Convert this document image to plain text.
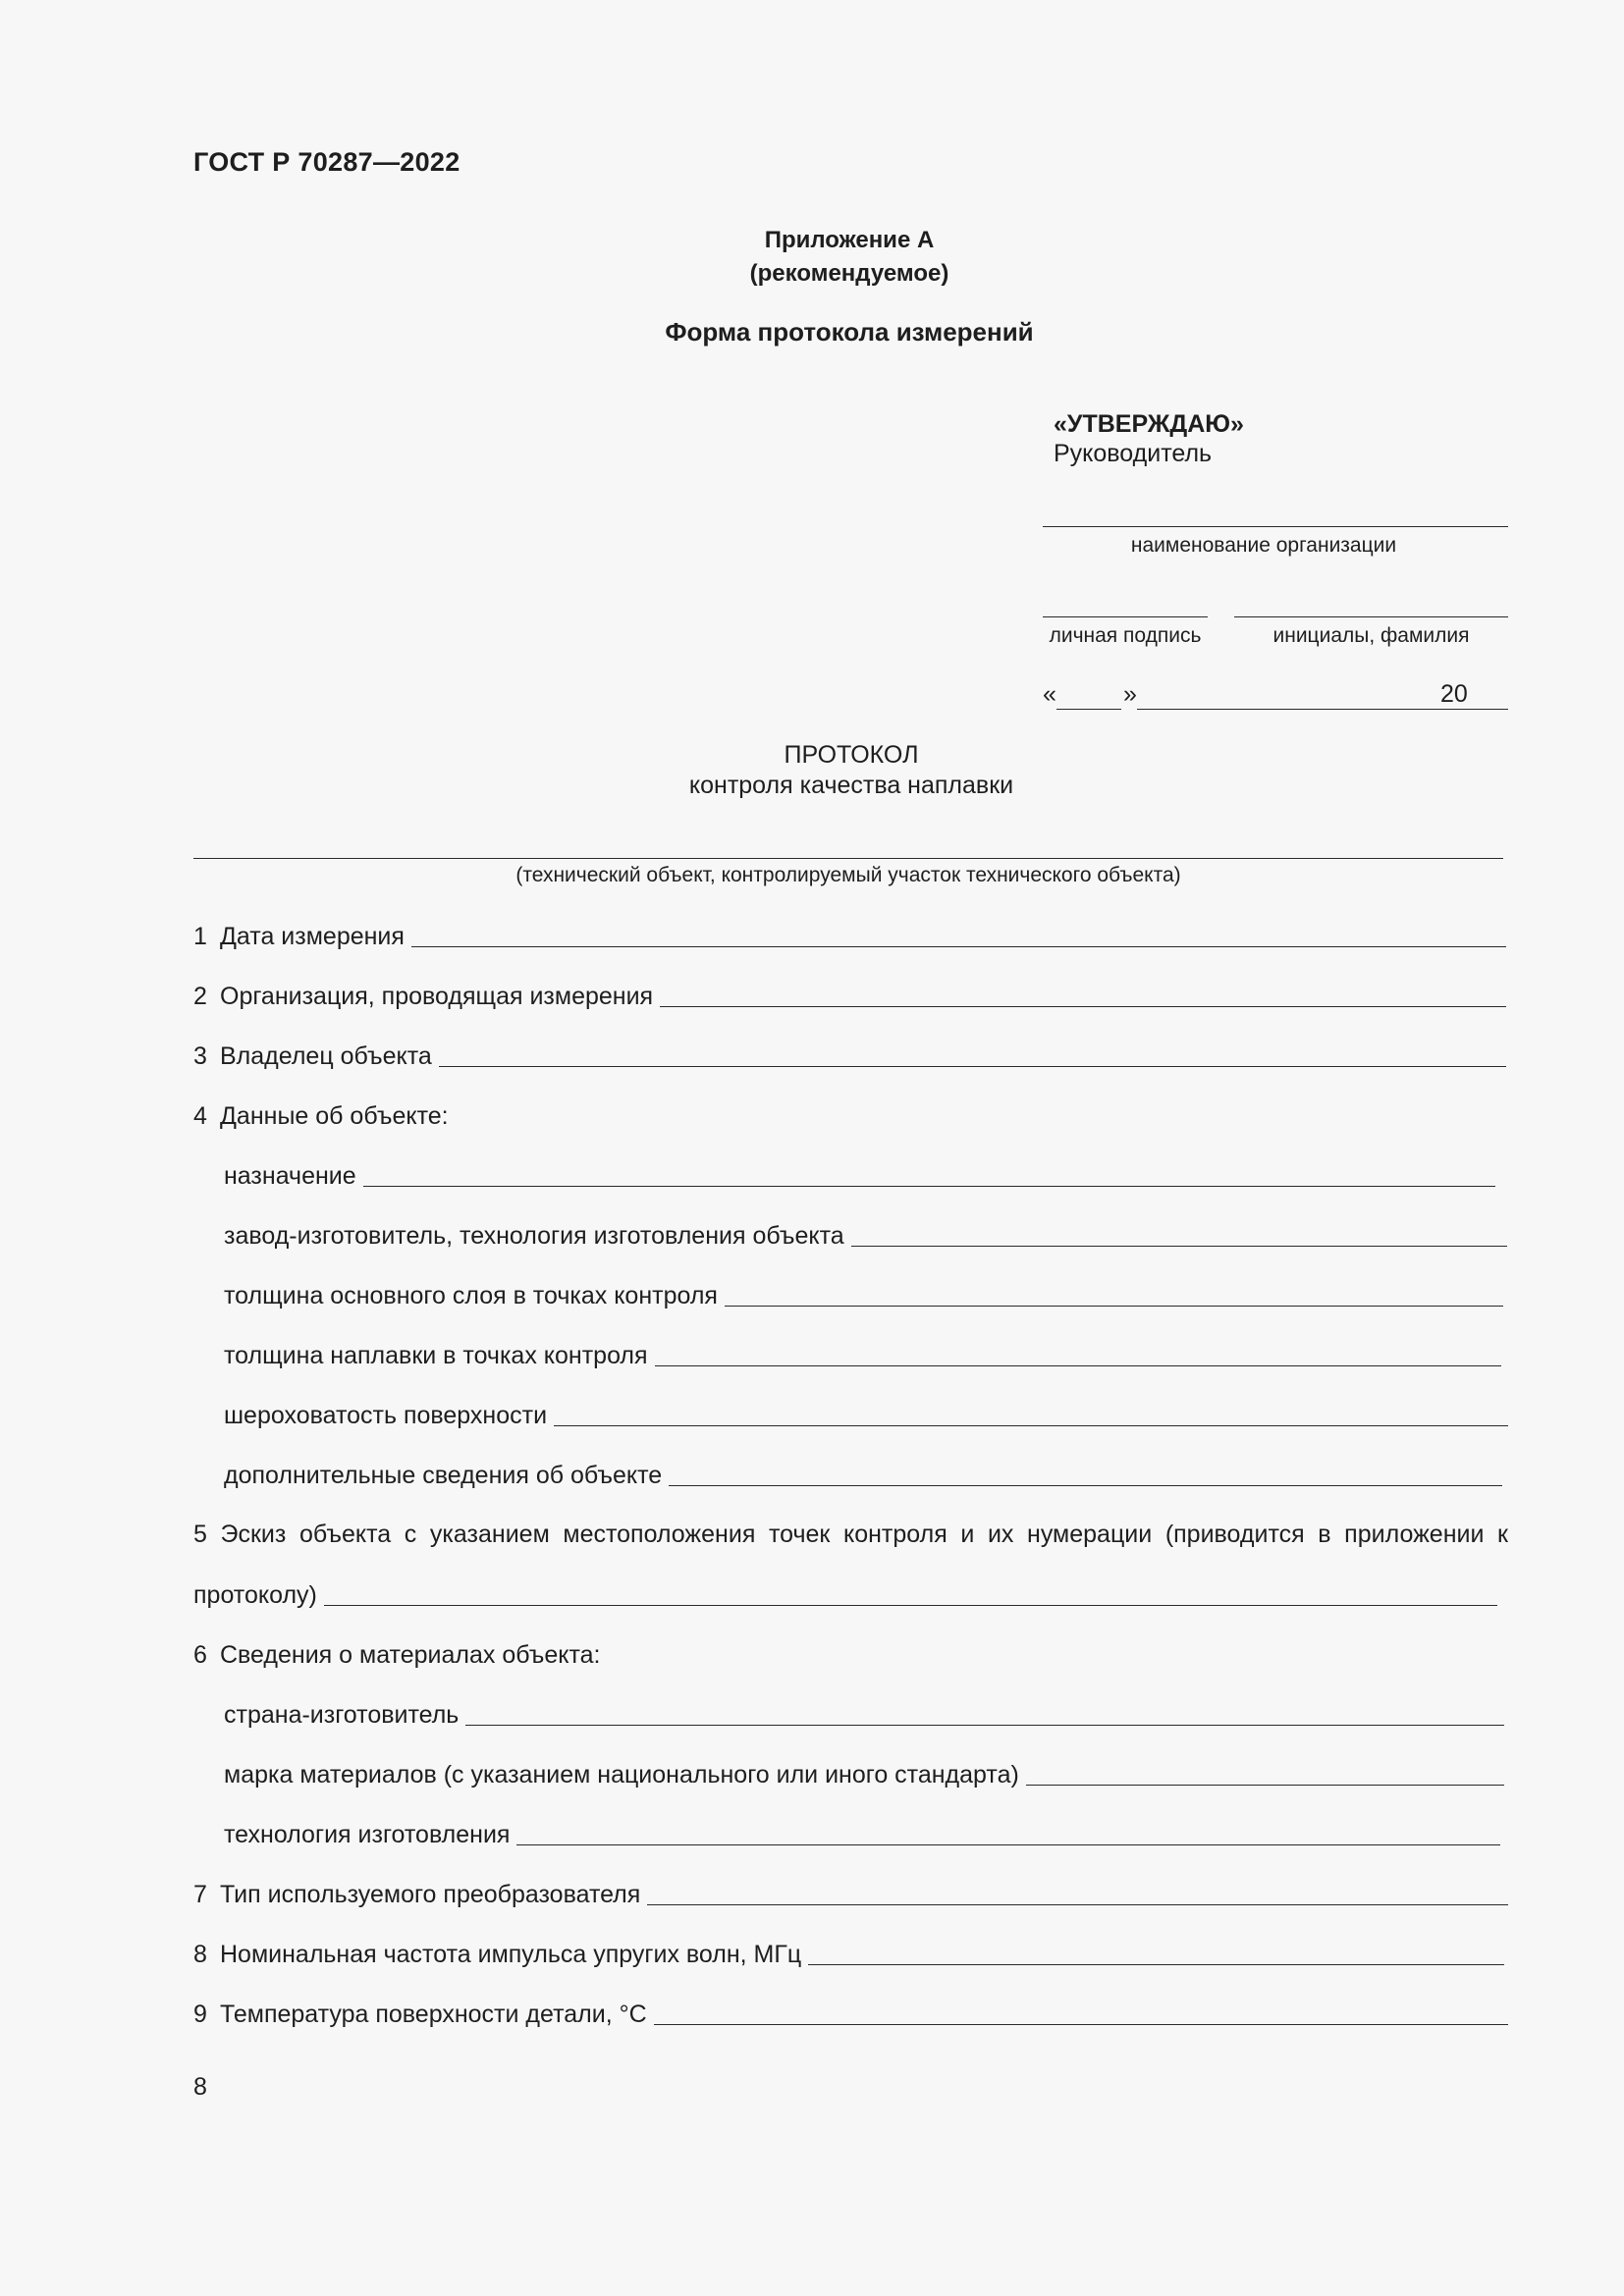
ГОСТ Р 70287—2022
Приложение А
(рекомендуемое)
Форма протокола измерений
«УТВЕРЖДАЮ»
Руководитель
наименование организации
личная подпись	инициалы, фамилия
«	»	20
ПРОТОКОЛ
контроля качества наплавки
(технический объект, контролируемый участок технического объекта)
1 Дата измерения
2 Организация, проводящая измерения
3 Владелец объекта
4 Данные об объекте:
назначение
завод-изготовитель, технология изготовления объекта
толщина основного слоя в точках контроля
толщина наплавки в точках контроля
шероховатость поверхности
дополнительные сведения об объекте
5 Эскиз объекта с указанием местоположения точек контроля и их нумерации (приводится в приложении к
протоколу)
6 Сведения о материалах объекта:
страна-изготовитель
марка материалов (с указанием национального или иного стандарта)
технология изготовления
7 Тип используемого преобразователя
8 Номинальная частота импульса упругих волн, МГц
9 Температура поверхности детали, °С
8
